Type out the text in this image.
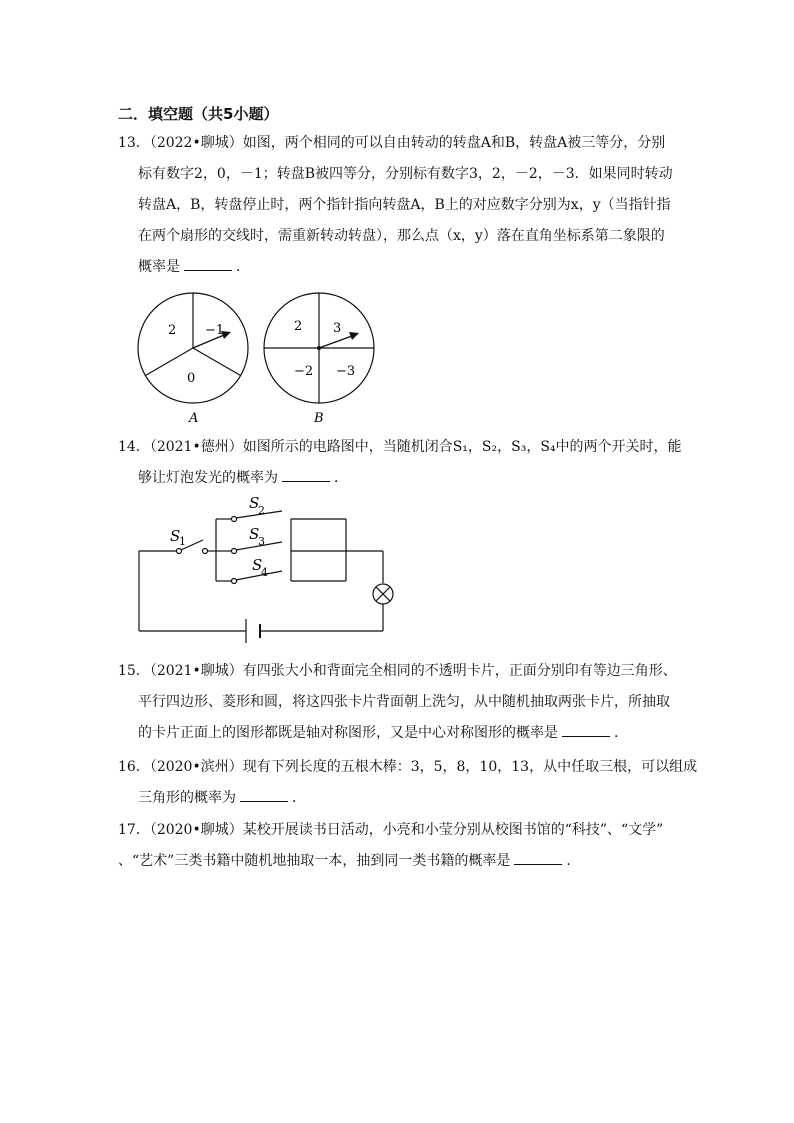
二．填空题（共5小题）
13．（2022•聊城）如图，两个相同的可以自由转动的转盘A和B，转盘A被三等分，分别
标有数字2，0，－1；转盘B被四等分，分别标有数字3，2，－2，－3．如果同时转动
转盘A，B，转盘停止时，两个指针指向转盘A，B上的对应数字分别为x，y（当指针指
在两个扇形的交线时，需重新转动转盘），那么点（x，y）落在直角坐标系第二象限的
概率是	．
2 −1
0
A
2 3
−2 −3
B
14．（2021•德州）如图所示的电路图中，当随机闭合S₁，S₂，S₃，S₄中的两个开关时，能
够让灯泡发光的概率为	．
S
1
S
2
S
3
S
4
15．（2021•聊城）有四张大小和背面完全相同的不透明卡片，正面分别印有等边三角形、
平行四边形、菱形和圆，将这四张卡片背面朝上洗匀，从中随机抽取两张卡片，所抽取
的卡片正面上的图形都既是轴对称图形，又是中心对称图形的概率是	．
16．（2020•滨州）现有下列长度的五根木棒：3，5，8，10，13，从中任取三根，可以组成
三角形的概率为	．
17．（2020•聊城）某校开展读书日活动，小亮和小莹分别从校图书馆的“科技”、“文学”
、“艺术”三类书籍中随机地抽取一本，抽到同一类书籍的概率是	．
